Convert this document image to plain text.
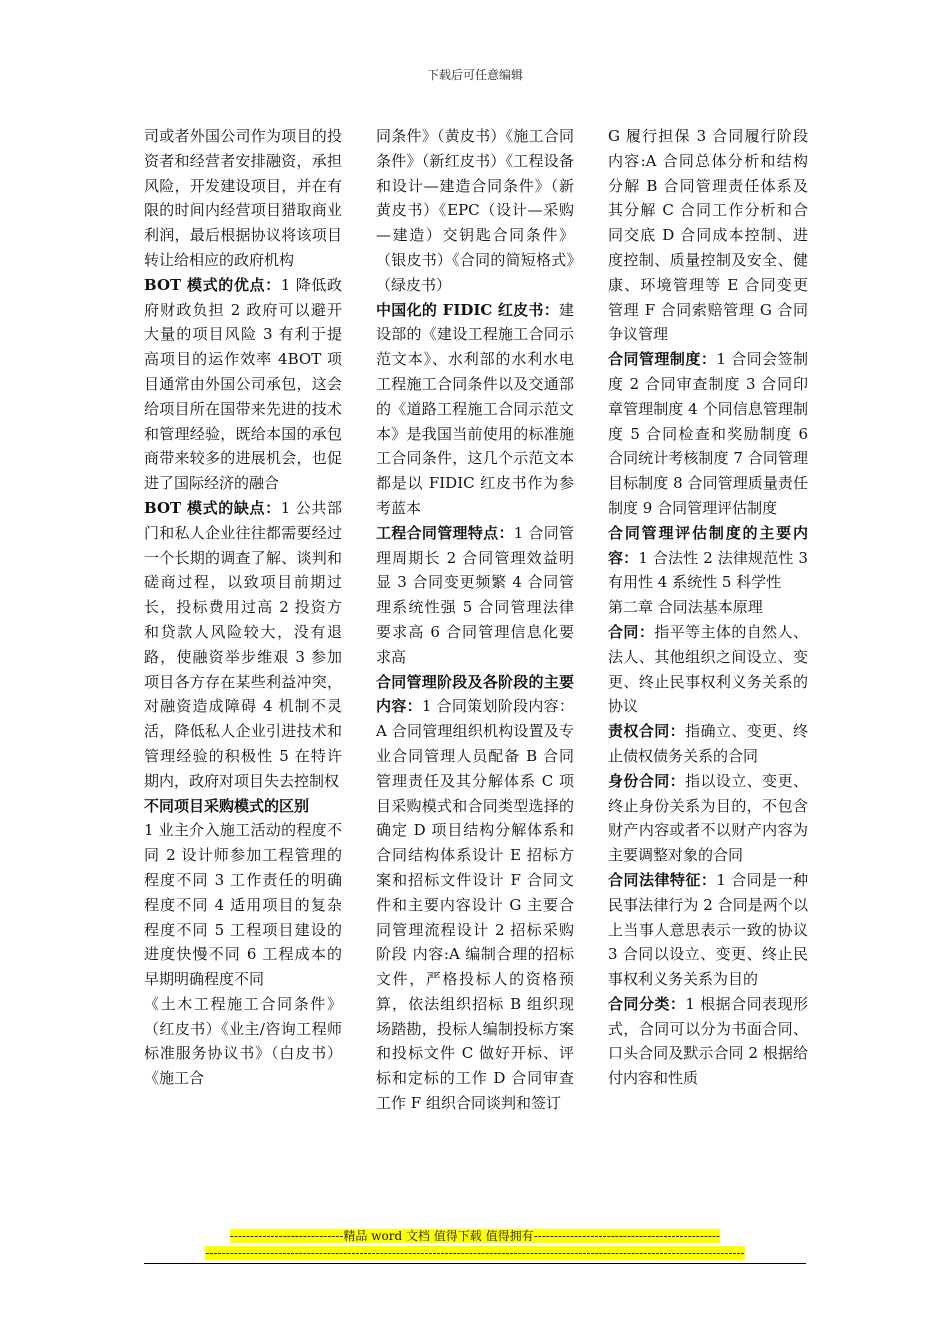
下载后可任意编辑

司或者外国公司作为项目的投资者和经营者安排融资，承担风险，开发建设项目，并在有限的时间内经营项目猎取商业利润，最后根据协议将该项目转让给相应的政府机构

BOT 模式的优点：1 降低政府财政负担 2 政府可以避开大量的项目风险 3 有利于提高项目的运作效率 4BOT 项目通常由外国公司承包，这会给项目所在国带来先进的技术和管理经验，既给本国的承包商带来较多的进展机会，也促进了国际经济的融合

BOT 模式的缺点：1 公共部门和私人企业往往都需要经过一个长期的调查了解、谈判和磋商过程，以致项目前期过长，投标费用过高 2 投资方和贷款人风险较大，没有退路，使融资举步维艰 3 参加项目各方存在某些利益冲突，对融资造成障碍 4 机制不灵活，降低私人企业引进技术和管理经验的积极性 5 在特许期内，政府对项目失去控制权

不同项目采购模式的区别

1 业主介入施工活动的程度不同 2 设计师参加工程管理的程度不同 3 工作责任的明确程度不同 4 适用项目的复杂程度不同 5 工程项目建设的进度快慢不同 6 工程成本的早期明确程度不同

《土木工程施工合同条件》（红皮书）《业主/咨询工程师标准服务协议书》（白皮书）《施工合

同条件》（黄皮书）《施工合同条件》（新红皮书）《工程设备和设计—建造合同条件》（新黄皮书）《EPC（设计—采购—建造）交钥匙合同条件》（银皮书）《合同的简短格式》（绿皮书）

中国化的 FIDIC 红皮书：建设部的《建设工程施工合同示范文本》、水利部的水利水电工程施工合同条件以及交通部的《道路工程施工合同示范文本》是我国当前使用的标准施工合同条件，这几个示范文本都是以 FIDIC 红皮书作为参考蓝本

工程合同管理特点：1 合同管理周期长 2 合同管理效益明显 3 合同变更频繁 4 合同管理系统性强 5 合同管理法律要求高 6 合同管理信息化要求高

合同管理阶段及各阶段的主要内容：1 合同策划阶段内容：A 合同管理组织机构设置及专业合同管理人员配备 B 合同管理责任及其分解体系 C 项目采购模式和合同类型选择的确定 D 项目结构分解体系和合同结构体系设计 E 招标方案和招标文件设计 F 合同文件和主要内容设计 G 主要合同管理流程设计 2 招标采购阶段 内容:A 编制合理的招标文件，严格投标人的资格预算，依法组织招标 B 组织现场踏勘，投标人编制投标方案和投标文件 C 做好开标、评标和定标的工作 D 合同审查工作 F 组织合同谈判和签订

G 履行担保 3 合同履行阶段 内容:A 合同总体分析和结构分解 B 合同管理责任体系及其分解 C 合同工作分析和合同交底 D 合同成本控制、进度控制、质量控制及安全、健康、环境管理等 E 合同变更管理 F 合同索赔管理 G 合同争议管理

合同管理制度：1 合同会签制度 2 合同审查制度 3 合同印章管理制度 4 个同信息管理制度 5 合同检查和奖励制度 6 合同统计考核制度 7 合同管理目标制度 8 合同管理质量责任制度 9 合同管理评估制度

合同管理评估制度的主要内容：1 合法性 2 法律规范性 3 有用性 4 系统性 5 科学性

第二章 合同法基本原理

合同：指平等主体的自然人、法人、其他组织之间设立、变更、终止民事权利义务关系的协议

责权合同：指确立、变更、终止债权债务关系的合同

身份合同：指以设立、变更、终止身份关系为目的，不包含财产内容或者不以财产内容为主要调整对象的合同

合同法律特征：1 合同是一种民事法律行为 2 合同是两个以上当事人意思表示一致的协议 3 合同以设立、变更、终止民事权利义务关系为目的

合同分类：1 根据合同表现形式，合同可以分为书面合同、口头合同及默示合同 2 根据给付内容和性质

----------------------------精品 word 文档 值得下载 值得拥有----------------------------------------------
-------------------------------------------------------------------------------------------------------------------------------------
